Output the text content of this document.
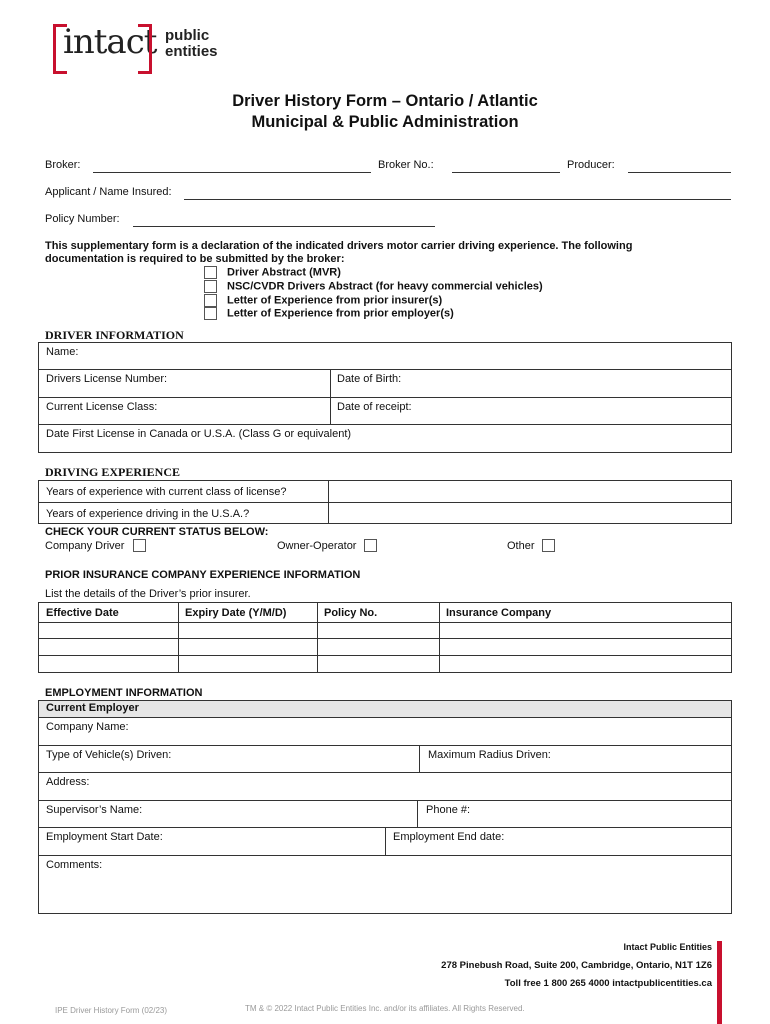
intact public
entities
Driver History Form – Ontario / Atlantic
Municipal & Public Administration
Broker:	Broker No.:	Producer:
Applicant / Name Insured:
Policy Number:
This supplementary form is a declaration of the indicated drivers motor carrier driving experience. The following documentation is required to be submitted by the broker:
Driver Abstract (MVR)
NSC/CVDR Drivers Abstract (for heavy commercial vehicles)
Letter of Experience from prior insurer(s)
Letter of Experience from prior employer(s)
DRIVER INFORMATION
Name:
Drivers License Number:	Date of Birth:
Current License Class:	Date of receipt:
Date First License in Canada or U.S.A. (Class G or equivalent)
DRIVING EXPERIENCE
Years of experience with current class of license?
Years of experience driving in the U.S.A.?
CHECK YOUR CURRENT STATUS BELOW:
Company Driver	Owner-Operator	Other
PRIOR INSURANCE COMPANY EXPERIENCE INFORMATION
List the details of the Driver’s prior insurer.
Effective Date	Expiry Date (Y/M/D)	Policy No.	Insurance Company
EMPLOYMENT INFORMATION
Current Employer
Company Name:
Type of Vehicle(s) Driven:	Maximum Radius Driven:
Address:
Supervisor’s Name:	Phone #:
Employment Start Date:	Employment End date:
Comments:
Intact Public Entities
278 Pinebush Road, Suite 200, Cambridge, Ontario, N1T 1Z6
Toll free 1 800 265 4000 intactpublicentities.ca
IPE Driver History Form (02/23)	TM & © 2022 Intact Public Entities Inc. and/or its affiliates. All Rights Reserved.
